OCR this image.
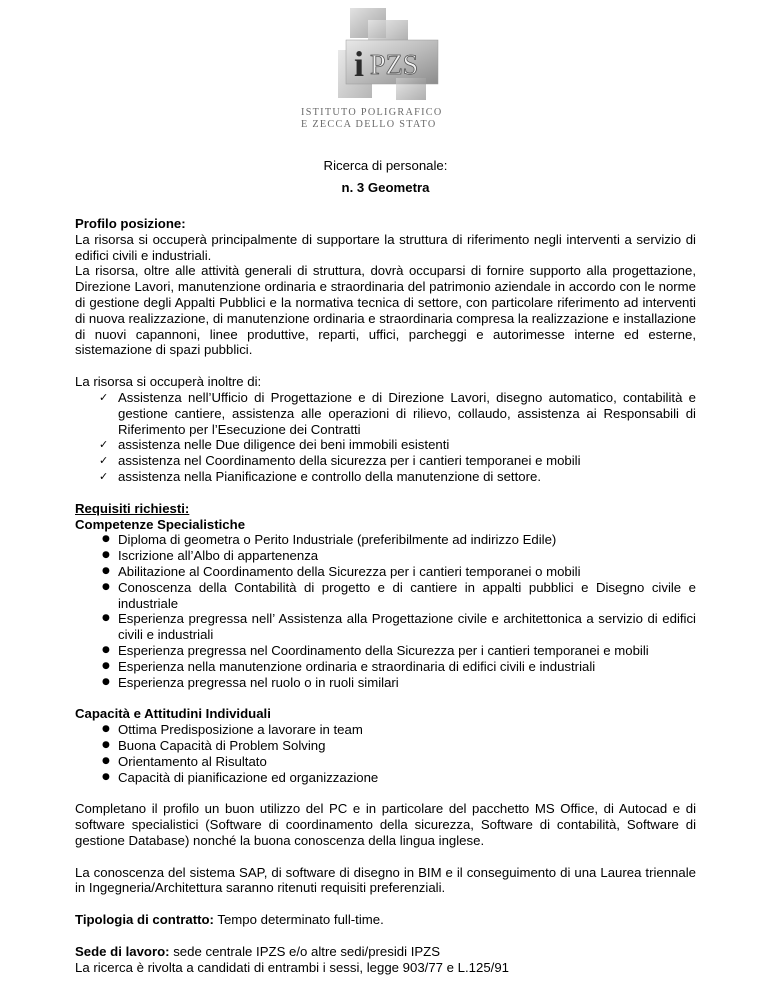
i PZS
ISTITUTO POLIGRAFICO
E ZECCA DELLO STATO
Ricerca di personale:
n. 3 Geometra

Profilo posizione:

La risorsa si occuperà principalmente di supportare la struttura di riferimento negli interventi a servizio di edifici civili e industriali.

La risorsa, oltre alle attività generali di struttura, dovrà occuparsi di fornire supporto alla progettazione, Direzione Lavori, manutenzione ordinaria e straordinaria del patrimonio aziendale in accordo con le norme di gestione degli Appalti Pubblici e la normativa tecnica di settore, con particolare riferimento ad interventi di nuova realizzazione, di manutenzione ordinaria e straordinaria compresa la realizzazione e installazione di nuovi capannoni, linee produttive, reparti, uffici, parcheggi e autorimesse interne ed esterne, sistemazione di spazi pubblici.

La risorsa si occuperà inoltre di:

✓ Assistenza nell’Ufficio di Progettazione e di Direzione Lavori, disegno automatico, contabilità e gestione cantiere, assistenza alle operazioni di rilievo, collaudo, assistenza ai Responsabili di Riferimento per l’Esecuzione dei Contratti
✓ assistenza nelle Due diligence dei beni immobili esistenti
✓ assistenza nel Coordinamento della sicurezza per i cantieri temporanei e mobili
✓ assistenza nella Pianificazione e controllo della manutenzione di settore.

Requisiti richiesti:

Competenze Specialistiche

● Diploma di geometra o Perito Industriale (preferibilmente ad indirizzo Edile)
● Iscrizione all’Albo di appartenenza
● Abilitazione al Coordinamento della Sicurezza per i cantieri temporanei o mobili
● Conoscenza della Contabilità di progetto e di cantiere in appalti pubblici e Disegno civile e industriale
● Esperienza pregressa nell’ Assistenza alla Progettazione civile e architettonica a servizio di edifici civili e industriali
● Esperienza pregressa nel Coordinamento della Sicurezza per i cantieri temporanei e mobili
● Esperienza nella manutenzione ordinaria e straordinaria di edifici civili e industriali
● Esperienza pregressa nel ruolo o in ruoli similari

Capacità e Attitudini Individuali

● Ottima Predisposizione a lavorare in team
● Buona Capacità di Problem Solving
● Orientamento al Risultato
● Capacità di pianificazione ed organizzazione

Completano il profilo un buon utilizzo del PC e in particolare del pacchetto MS Office, di Autocad e di software specialistici (Software di coordinamento della sicurezza, Software di contabilità, Software di gestione Database) nonché la buona conoscenza della lingua inglese.

La conoscenza del sistema SAP, di software di disegno in BIM e il conseguimento di una Laurea triennale in Ingegneria/Architettura saranno ritenuti requisiti preferenziali.

Tipologia di contratto: Tempo determinato full-time.

Sede di lavoro: sede centrale IPZS e/o altre sedi/presidi IPZS

La ricerca è rivolta a candidati di entrambi i sessi, legge 903/77 e L.125/91
